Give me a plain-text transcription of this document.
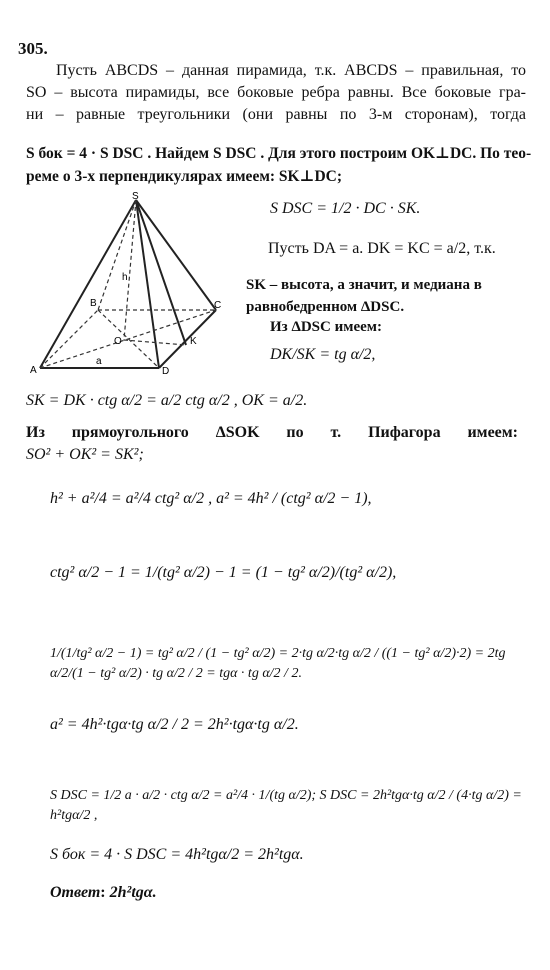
305.
Пусть ABCDS – данная пирамида, т.к. ABCDS – правильная, то
SO – высота пирамиды, все боковые ребра равны. Все боковые гра-
ни – равные треугольники (они равны по 3-м сторонам), тогда
S бок = 4 · S DSC . Найдем S DSC . Для этого построим OK⊥DC. По тео-
реме о 3-х перпендикулярах имеем: SK⊥DC;
S
A
B	C
D
O	K
a
h
S DSC = 1/2 · DC · SK.
Пусть DA = a. DK = KC = a/2, т.к.
SK – высота, а значит, и медиана в
равнобедренном ΔDSC.
Из ΔDSC имеем:
DK/SK = tg α/2,
SK = DK · ctg α/2 = a/2 ctg α/2 , OK = a/2.
Из прямоугольного ΔSOK по т. Пифагора имеем:
SO² + OK² = SK²;
h² + a²/4 = a²/4 ctg² α/2 , a² = 4h² / (ctg² α/2 − 1),
ctg² α/2 − 1 = 1/(tg² α/2) − 1 = (1 − tg² α/2)/(tg² α/2),
1/(1/tg² α/2 − 1) = tg² α/2 / (1 − tg² α/2) = 2·tg α/2·tg α/2 / ((1 − tg² α/2)·2) = 2tg α/2/(1 − tg² α/2) · tg α/2 / 2 = tgα · tg α/2 / 2.
a² = 4h²·tgα·tg α/2 / 2 = 2h²·tgα·tg α/2.
S DSC = 1/2 a · a/2 · ctg α/2 = a²/4 · 1/(tg α/2); S DSC = 2h²tgα·tg α/2 / (4·tg α/2) = h²tgα/2 ,
S бок = 4 · S DSC = 4h²tgα/2 = 2h²tgα.
Ответ: 2h²tgα.
